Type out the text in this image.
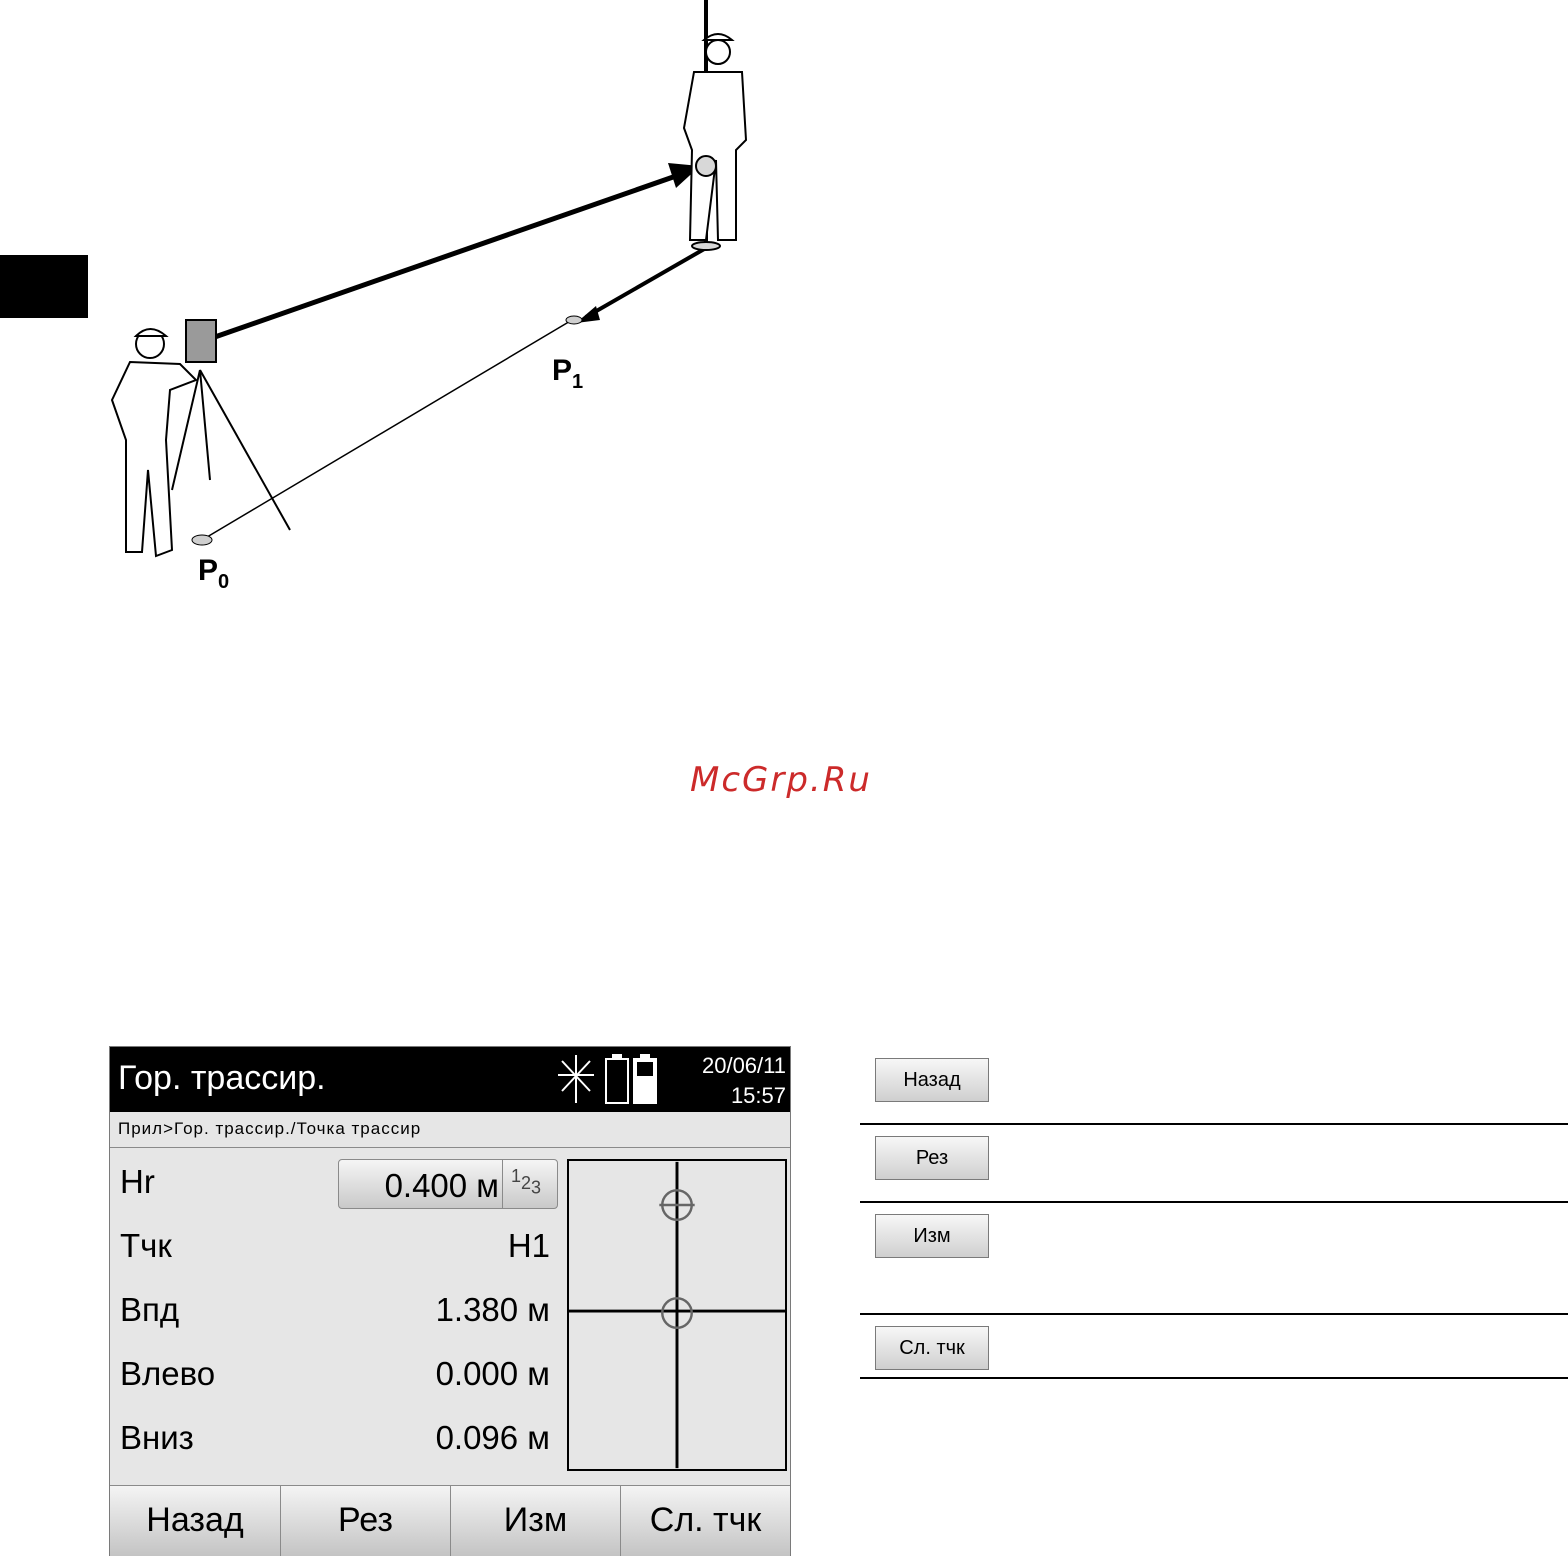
$P_1$
$P_0$
McGrp.Ru
Гор. трассир.	20/06/11
15:57
Прил>Гор. трассир./Точка трассир
Hr	0.400 м 123
Тчк	H1
Впд	1.380 м
Влево	0.000 м
Вниз	0.096 м
Назад	Рез	Изм	Сл. тчк
Назад
Рез
Изм
Сл. тчк
